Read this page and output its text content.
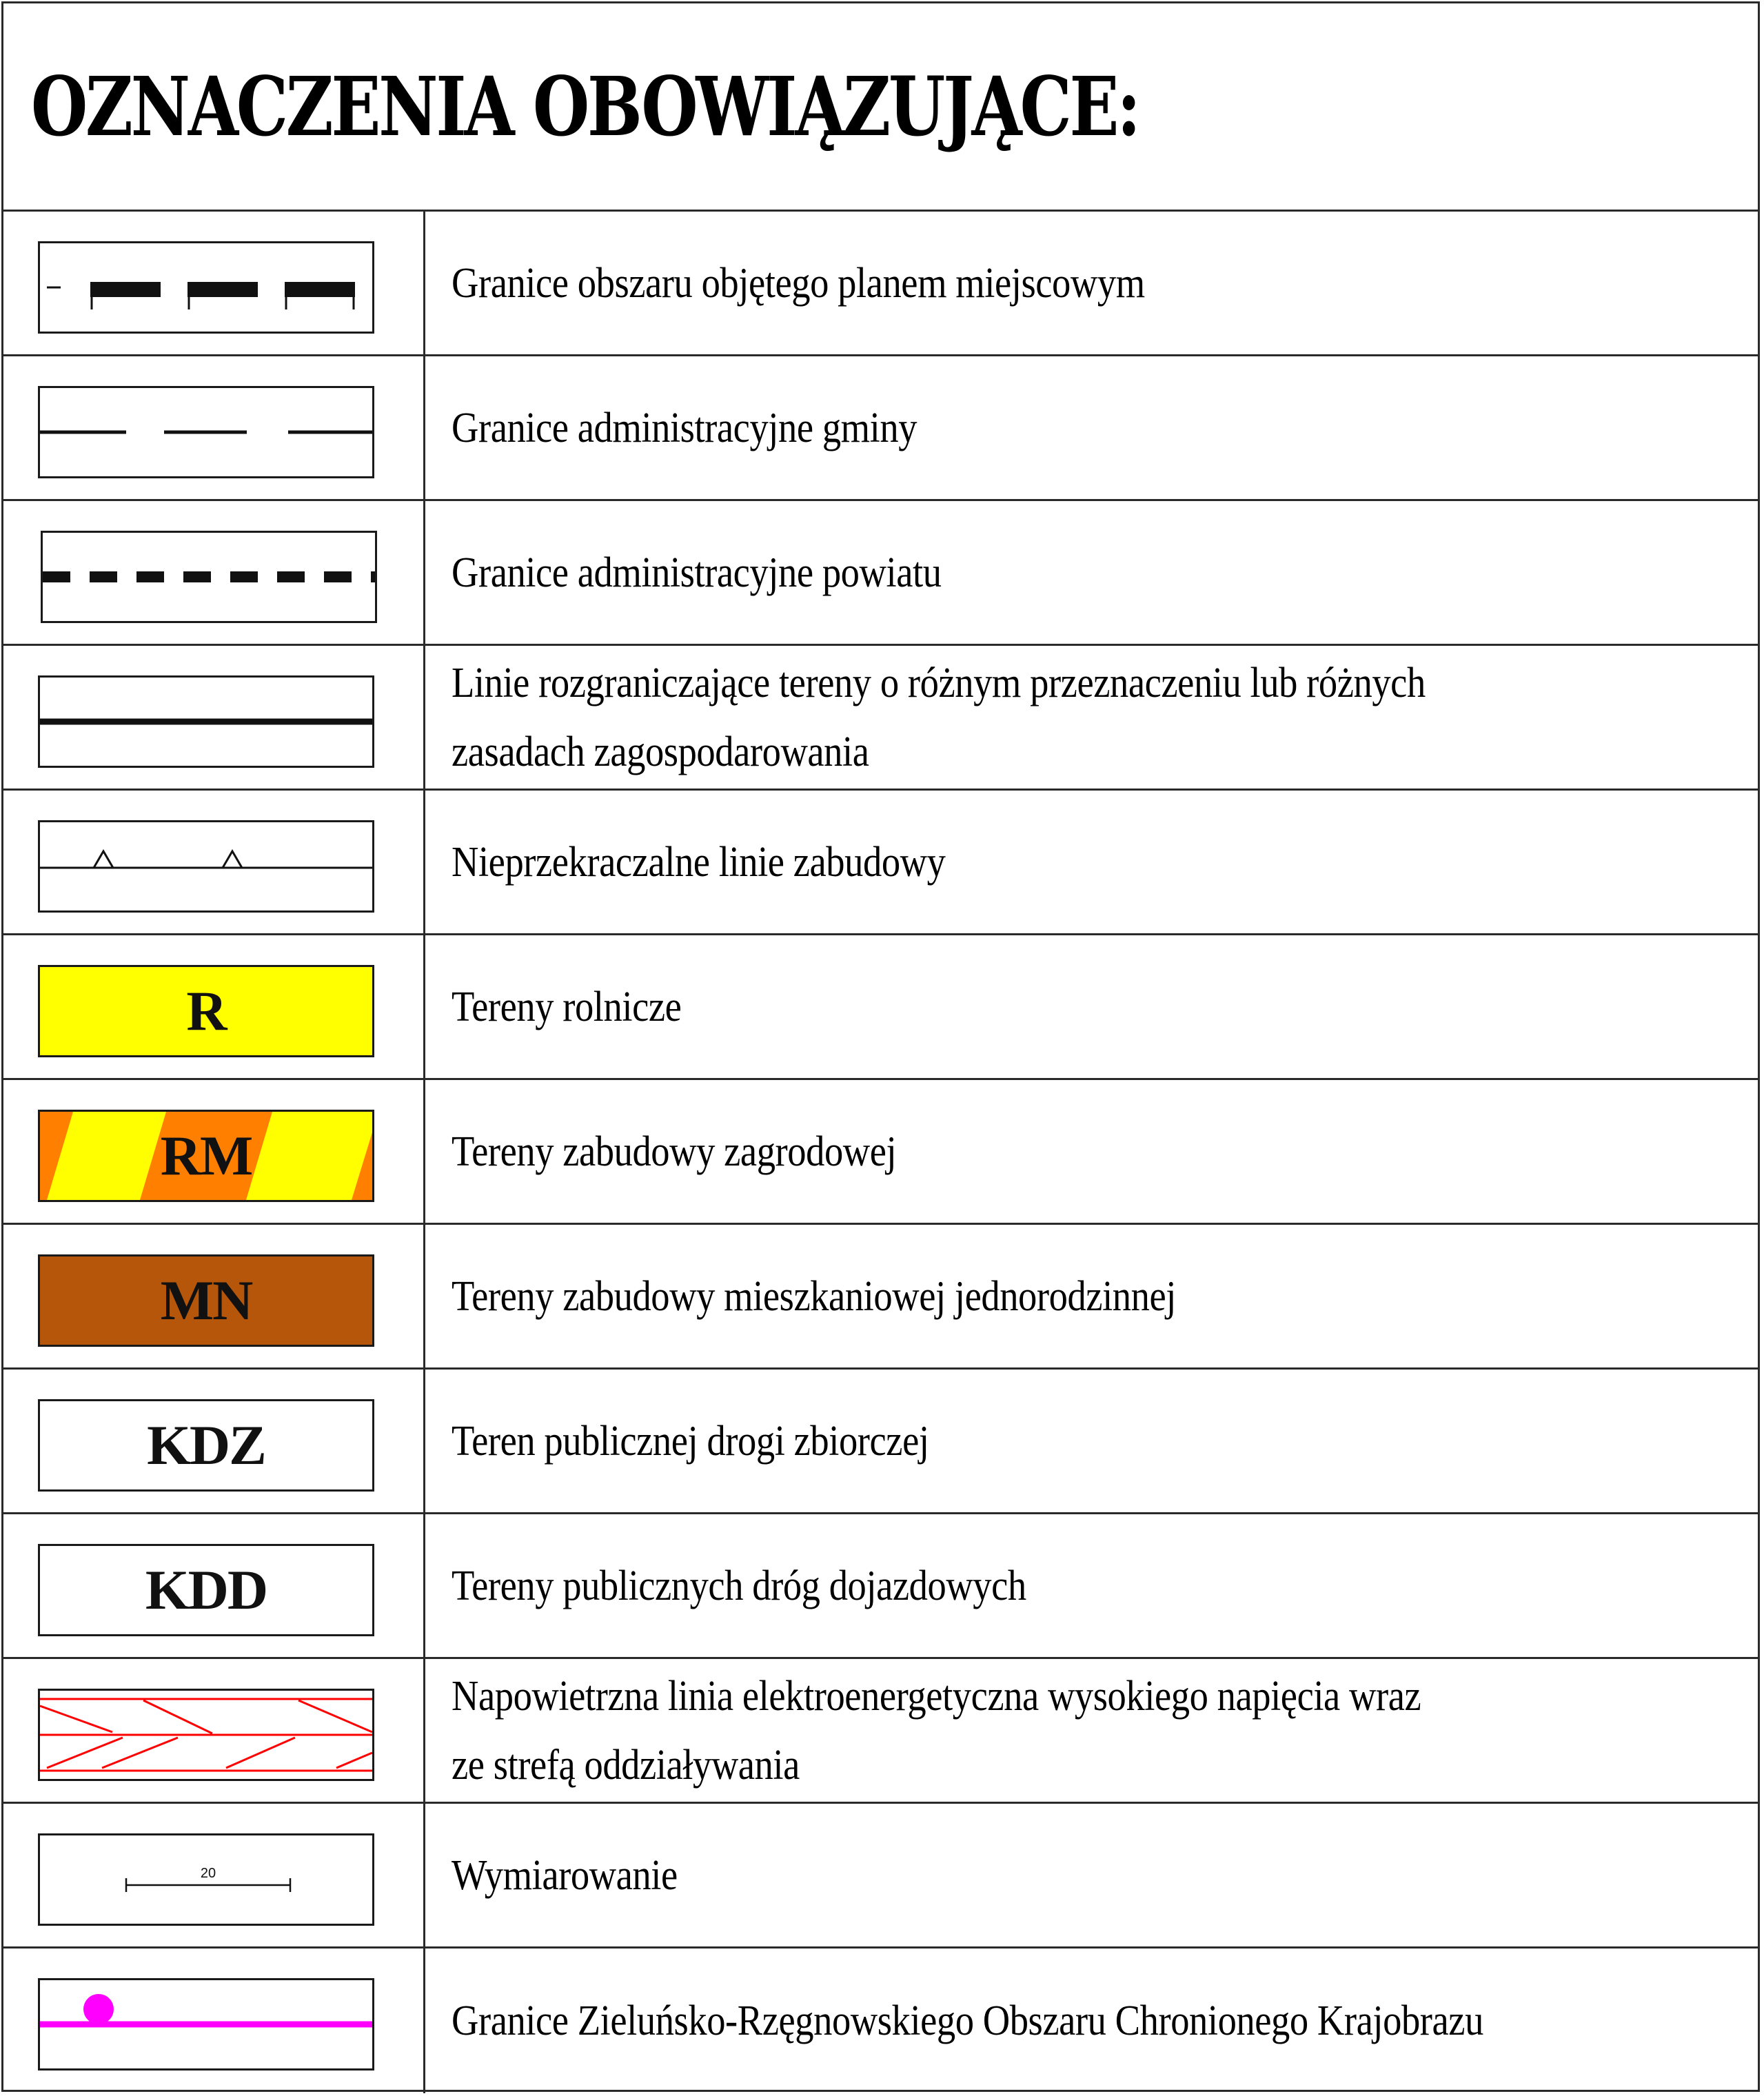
OZNACZENIA OBOWIĄZUJĄCE:
Granice obszaru objętego planem miejscowym
Granice administracyjne gminy
Granice administracyjne powiatu
Linie rozgraniczające tereny o różnym przeznaczeniu lub różnych
zasadach zagospodarowania
Nieprzekraczalne linie zabudowy
R	Tereny rolnicze
RM	Tereny zabudowy zagrodowej
MN	Tereny zabudowy mieszkaniowej jednorodzinnej
KDZ	Teren publicznej drogi zbiorczej
KDD	Tereny publicznych dróg dojazdowych
Napowietrzna linia elektroenergetyczna wysokiego napięcia wraz
ze strefą oddziaływania
20	Wymiarowanie
Granice Zieluńsko-Rzęgnowskiego Obszaru Chronionego Krajobrazu
